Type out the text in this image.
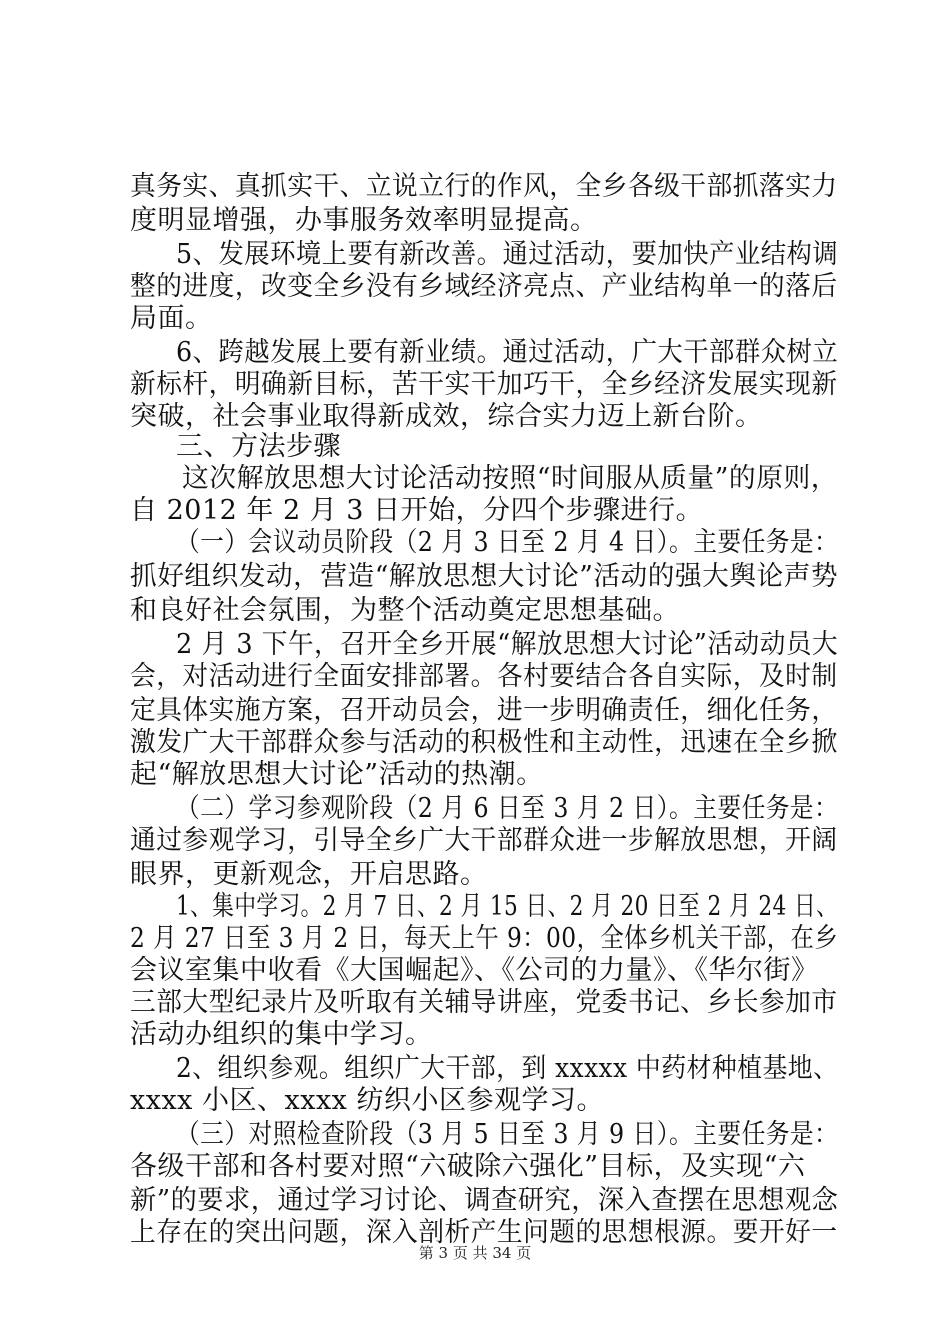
真务实、真抓实干、立说立行的作风，全乡各级干部抓落实力
度明显增强，办事服务效率明显提高。
5、发展环境上要有新改善。通过活动，要加快产业结构调
整的进度，改变全乡没有乡域经济亮点、产业结构单一的落后
局面。
6、跨越发展上要有新业绩。通过活动，广大干部群众树立
新标杆，明确新目标，苦干实干加巧干，全乡经济发展实现新
突破，社会事业取得新成效，综合实力迈上新台阶。
三、方法步骤
这次解放思想大讨论活动按照“时间服从质量”的原则，
自 2012 年 2 月 3 日开始，分四个步骤进行。
（一）会议动员阶段（2 月 3 日至 2 月 4 日）。主要任务是：
抓好组织发动，营造“解放思想大讨论”活动的强大舆论声势
和良好社会氛围，为整个活动奠定思想基础。
2 月 3 下午，召开全乡开展“解放思想大讨论”活动动员大
会，对活动进行全面安排部署。各村要结合各自实际，及时制
定具体实施方案，召开动员会，进一步明确责任，细化任务，
激发广大干部群众参与活动的积极性和主动性，迅速在全乡掀
起“解放思想大讨论”活动的热潮。
（二）学习参观阶段（2 月 6 日至 3 月 2 日）。主要任务是：
通过参观学习，引导全乡广大干部群众进一步解放思想，开阔
眼界，更新观念，开启思路。
1、集中学习。2 月 7 日、2 月 15 日、2 月 20 日至 2 月 24 日、
2 月 27 日至 3 月 2 日，每天上午 9：00，全体乡机关干部，在乡
会议室集中收看《大国崛起》、《公司的力量》、《华尔街》
三部大型纪录片及听取有关辅导讲座，党委书记、乡长参加市
活动办组织的集中学习。
2、组织参观。组织广大干部，到 xxxxx 中药材种植基地、
xxxx 小区、xxxx 纺织小区参观学习。
（三）对照检查阶段（3 月 5 日至 3 月 9 日）。主要任务是：
各级干部和各村要对照“六破除六强化”目标，及实现“六
新”的要求，通过学习讨论、调查研究，深入查摆在思想观念
上存在的突出问题，深入剖析产生问题的思想根源。要开好一
第 3 页 共 34 页
